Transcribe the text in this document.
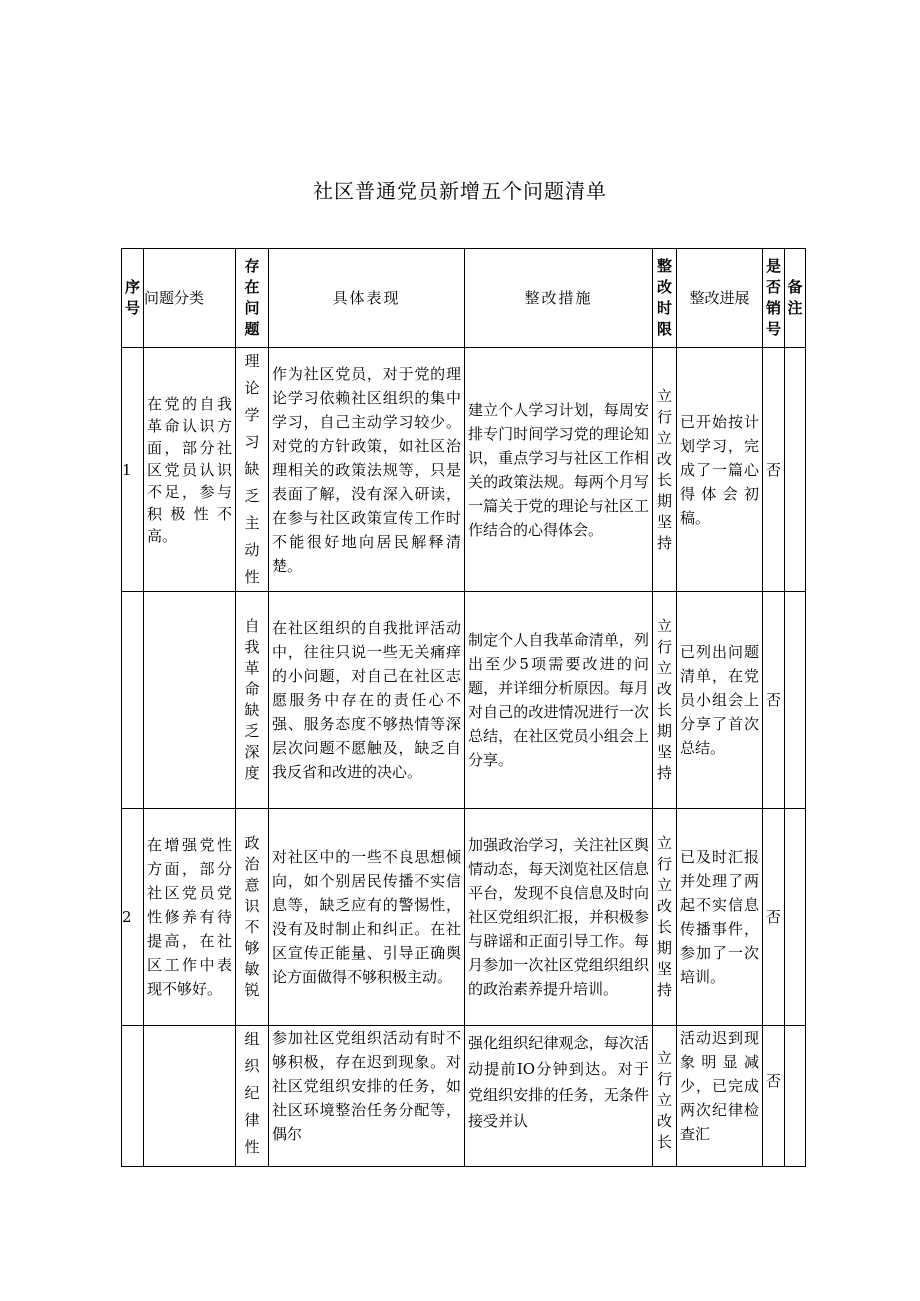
社区普通党员新增五个问题清单
序号	问题分类	存在问题	具体表现	整改措施	整改时限	整改进展	是否销号	备注

1	在党的自我革命认识方面，部分社区党员认识不足，参与积极性不高。	理论学习缺乏主动性	作为社区党员，对于党的理论学习依赖社区组织的集中学习，自己主动学习较少。对党的方针政策，如社区治理相关的政策法规等，只是表面了解，没有深入研读，在参与社区政策宣传工作时不能很好地向居民解释清楚。	建立个人学习计划，每周安排专门时间学习党的理论知识，重点学习与社区工作相关的政策法规。每两个月写一篇关于党的理论与社区工作结合的心得体会。	立行立改长期坚持	已开始按计划学习，完成了一篇心得体会初稿。	否	

		自我革命缺乏深度	在社区组织的自我批评活动中，往往只说一些无关痛痒的小问题，对自己在社区志愿服务中存在的责任心不强、服务态度不够热情等深层次问题不愿触及，缺乏自我反省和改进的决心。	制定个人自我革命清单，列出至少5项需要改进的问题，并详细分析原因。每月对自己的改进情况进行一次总结，在社区党员小组会上分享。	立行立改长期坚持	已列出问题清单，在党员小组会上分享了首次总结。	否	
2	在增强党性方面，部分社区党员党性修养有待提高，在社区工作中表现不够好。	政治意识不够敏锐	对社区中的一些不良思想倾向，如个别居民传播不实信息等，缺乏应有的警惕性，没有及时制止和纠正。在社区宣传正能量、引导正确舆论方面做得不够积极主动。	加强政治学习，关注社区舆情动态，每天浏览社区信息平台，发现不良信息及时向社区党组织汇报，并积极参与辟谣和正面引导工作。每月参加一次社区党组织组织的政治素养提升培训。	立行立改长期坚持	已及时汇报并处理了两起不实信息传播事件，参加了一次培训。	否	

		组织纪律性	参加社区党组织活动有时不够积极，存在迟到现象。对社区党组织安排的任务，如社区环境整治任务分配等，偶尔	强化组织纪律观念，每次活动提前IO分钟到达。对于党组织安排的任务，无条件接受并认	立行立改长	活动迟到现象明显减少，已完成两次纪律检查汇	否	
